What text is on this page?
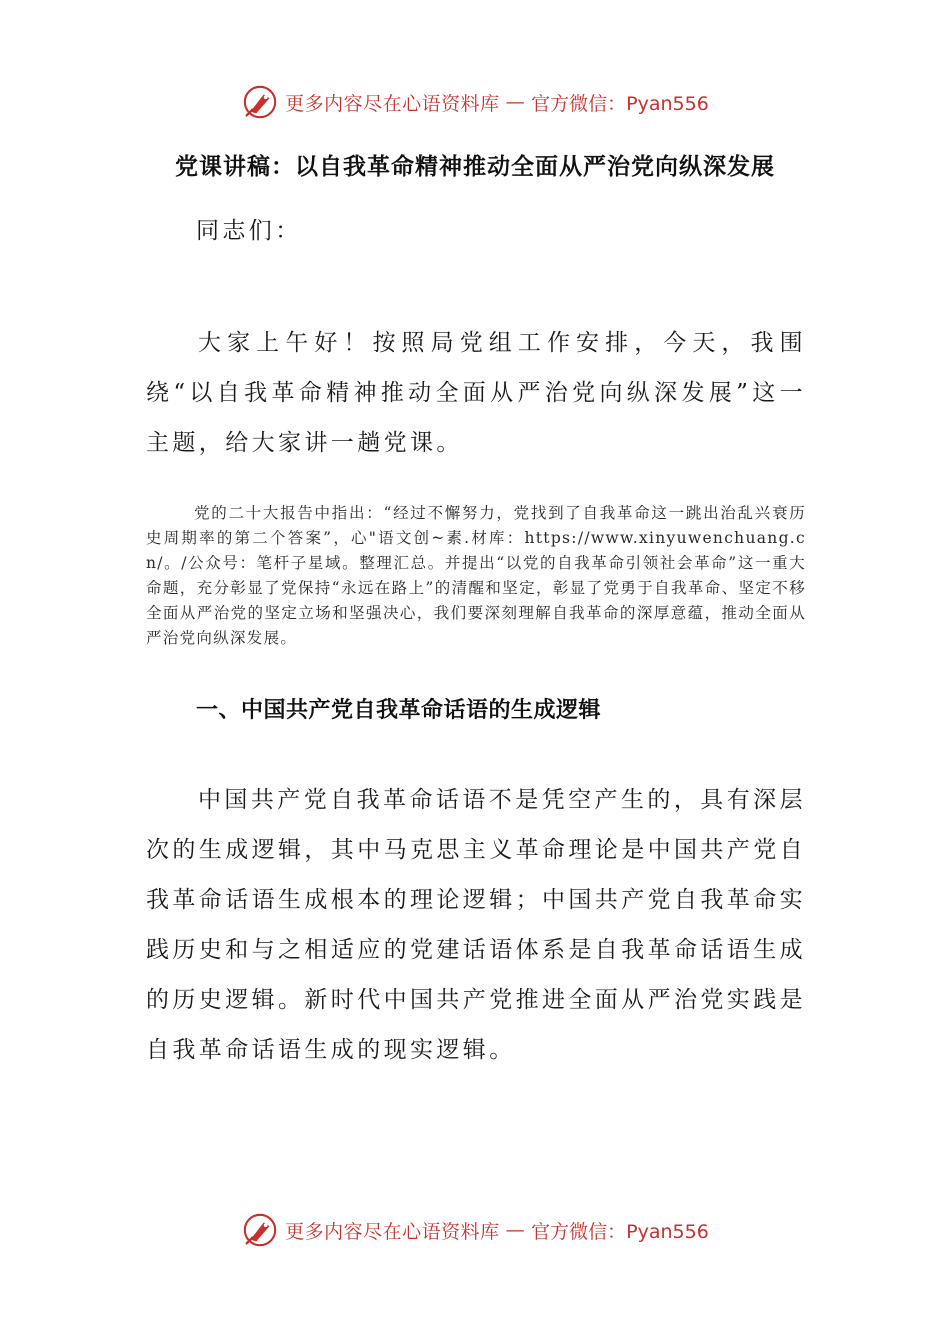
更多内容尽在心语资料库 — 官方微信：Pyan556
党课讲稿：以自我革命精神推动全面从严治党向纵深发展

同志们：

大家上午好！按照局党组工作安排，今天，我围绕“以自我革命精神推动全面从严治党向纵深发展”这一主题，给大家讲一趟党课。

党的二十大报告中指出：“经过不懈努力，党找到了自我革命这一跳出治乱兴衰历史周期率的第二个答案”，心"语文创~素.材库：https://www.xinyuwenchuang.cn/。/公众号：笔杆子星域。整理汇总。并提出“以党的自我革命引领社会革命”这一重大命题，充分彰显了党保持“永远在路上”的清醒和坚定，彰显了党勇于自我革命、坚定不移全面从严治党的坚定立场和坚强决心，我们要深刻理解自我革命的深厚意蕴，推动全面从严治党向纵深发展。

一、中国共产党自我革命话语的生成逻辑

中国共产党自我革命话语不是凭空产生的，具有深层次的生成逻辑，其中马克思主义革命理论是中国共产党自我革命话语生成根本的理论逻辑；中国共产党自我革命实践历史和与之相适应的党建话语体系是自我革命话语生成的历史逻辑。新时代中国共产党推进全面从严治党实践是自我革命话语生成的现实逻辑。

更多内容尽在心语资料库 — 官方微信：Pyan556
